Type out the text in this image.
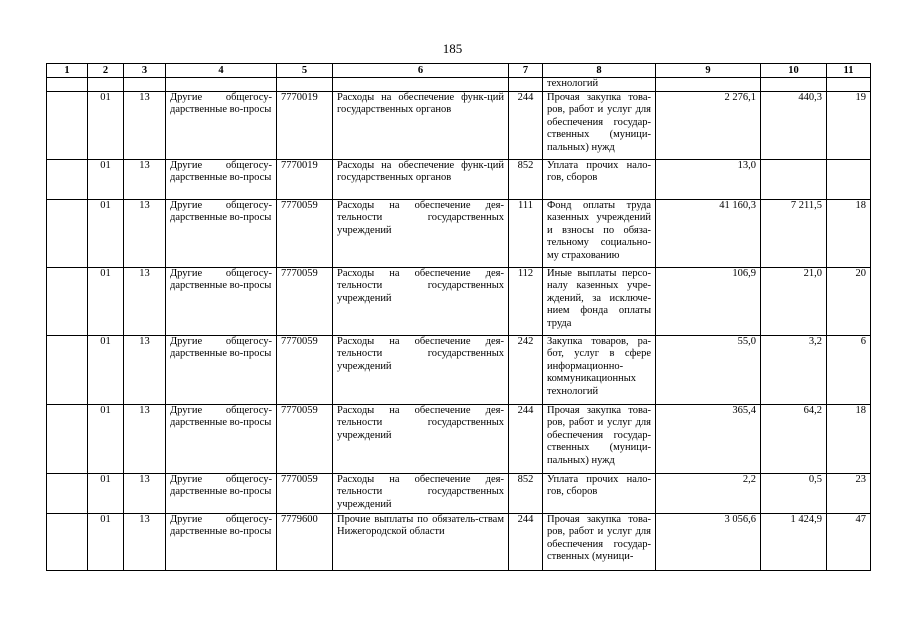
185
1	2	3	4	5	6	7	8	9	10	11
							технологий			
	01	13	Другие общегосу-дарственные во-просы	7770019	Расходы на обеспечение функ-ций государственных органов	244	Прочая закупка това-ров, работ и услуг для обеспечения государ-ственных (муници-пальных) нужд	2 276,1	440,3	19
	01	13	Другие общегосу-дарственные во-просы	7770019	Расходы на обеспечение функ-ций государственных органов	852	Уплата прочих нало-гов, сборов	13,0		
	01	13	Другие общегосу-дарственные во-просы	7770059	Расходы на обеспечение дея-тельности государственных учреждений	111	Фонд оплаты труда казенных учреждений и взносы по обяза-тельному социально-му страхованию	41 160,3	7 211,5	18
	01	13	Другие общегосу-дарственные во-просы	7770059	Расходы на обеспечение дея-тельности государственных учреждений	112	Иные выплаты персо-налу казенных учре-ждений, за исключе-нием фонда оплаты труда	106,9	21,0	20
	01	13	Другие общегосу-дарственные во-просы	7770059	Расходы на обеспечение дея-тельности государственных учреждений	242	Закупка товаров, ра-бот, услуг в сфере информационно-коммуникационных технологий	55,0	3,2	6
	01	13	Другие общегосу-дарственные во-просы	7770059	Расходы на обеспечение дея-тельности государственных учреждений	244	Прочая закупка това-ров, работ и услуг для обеспечения государ-ственных (муници-пальных) нужд	365,4	64,2	18
	01	13	Другие общегосу-дарственные во-просы	7770059	Расходы на обеспечение дея-тельности государственных учреждений	852	Уплата прочих нало-гов, сборов	2,2	0,5	23
	01	13	Другие общегосу-дарственные во-просы	7779600	Прочие выплаты по обязатель-ствам Нижегородской области	244	Прочая закупка това-ров, работ и услуг для обеспечения государ-ственных (муници-	3 056,6	1 424,9	47
